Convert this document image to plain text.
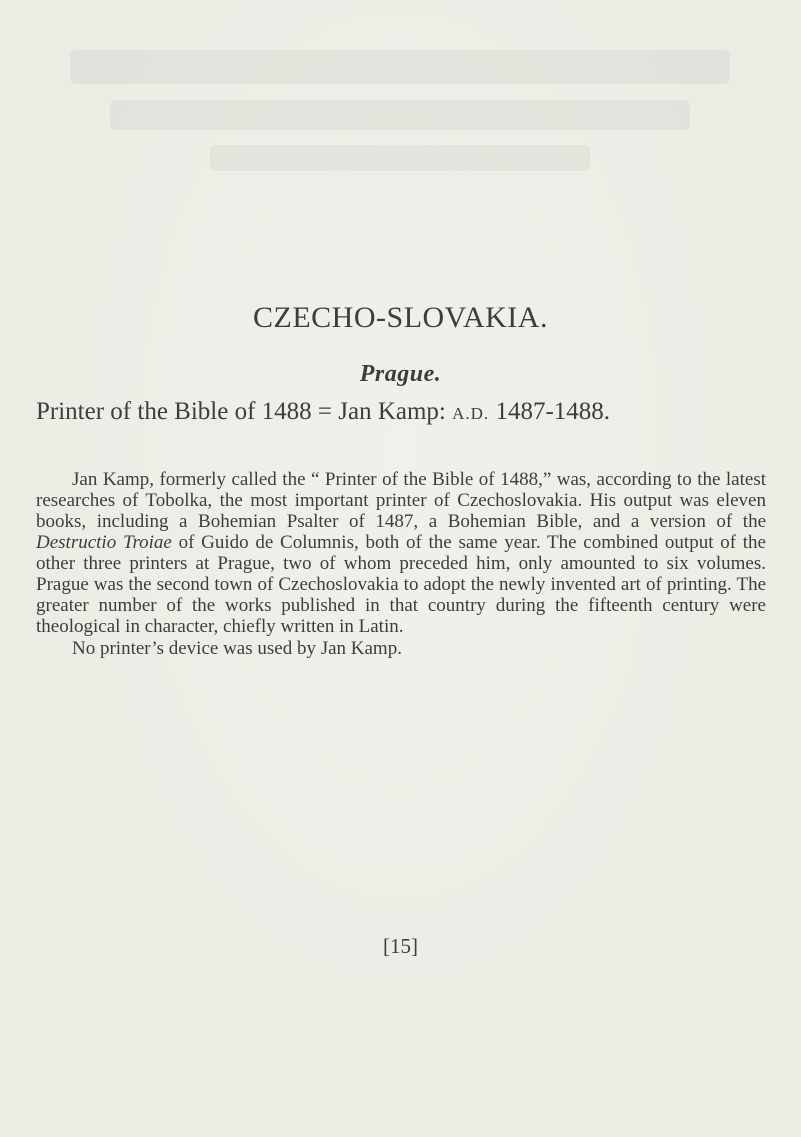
CZECHO-SLOVAKIA.
Prague.
Printer of the Bible of 1488 = Jan Kamp: A.D. 1487-1488.

Jan Kamp, formerly called the “ Printer of the Bible of 1488,” was, according to the latest researches of Tobolka, the most important printer of Czechoslovakia. His output was eleven books, including a Bohemian Psalter of 1487, a Bohemian Bible, and a version of the Destructio Troiae of Guido de Columnis, both of the same year. The combined output of the other three printers at Prague, two of whom preceded him, only amounted to six volumes. Prague was the second town of Czechoslovakia to adopt the newly invented art of printing. The greater number of the works published in that country during the fifteenth century were theological in character, chiefly written in Latin.

No printer’s device was used by Jan Kamp.

[15]
